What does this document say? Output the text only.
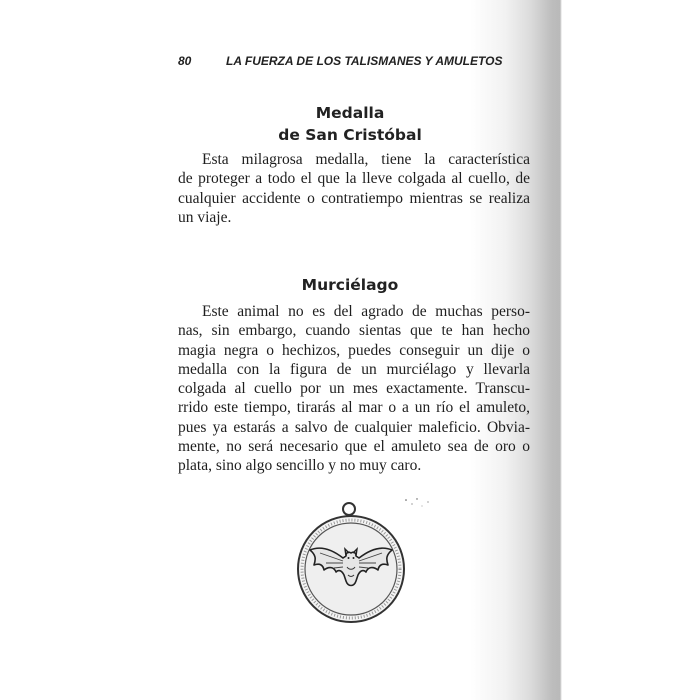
80	LA FUERZA DE LOS TALISMANES Y AMULETOS
Medalla
de San Cristóbal
Esta milagrosa medalla, tiene la característica
de proteger a todo el que la lleve colgada al cuello, de
cualquier accidente o contratiempo mientras se realiza
un viaje.
Murciélago
Este animal no es del agrado de muchas perso-
nas, sin embargo, cuando sientas que te han hecho
magia negra o hechizos, puedes conseguir un dije o
medalla con la figura de un murciélago y llevarla
colgada al cuello por un mes exactamente. Transcu-
rrido este tiempo, tirarás al mar o a un río el amuleto,
pues ya estarás a salvo de cualquier maleficio. Obvia-
mente, no será necesario que el amuleto sea de oro o
plata, sino algo sencillo y no muy caro.
